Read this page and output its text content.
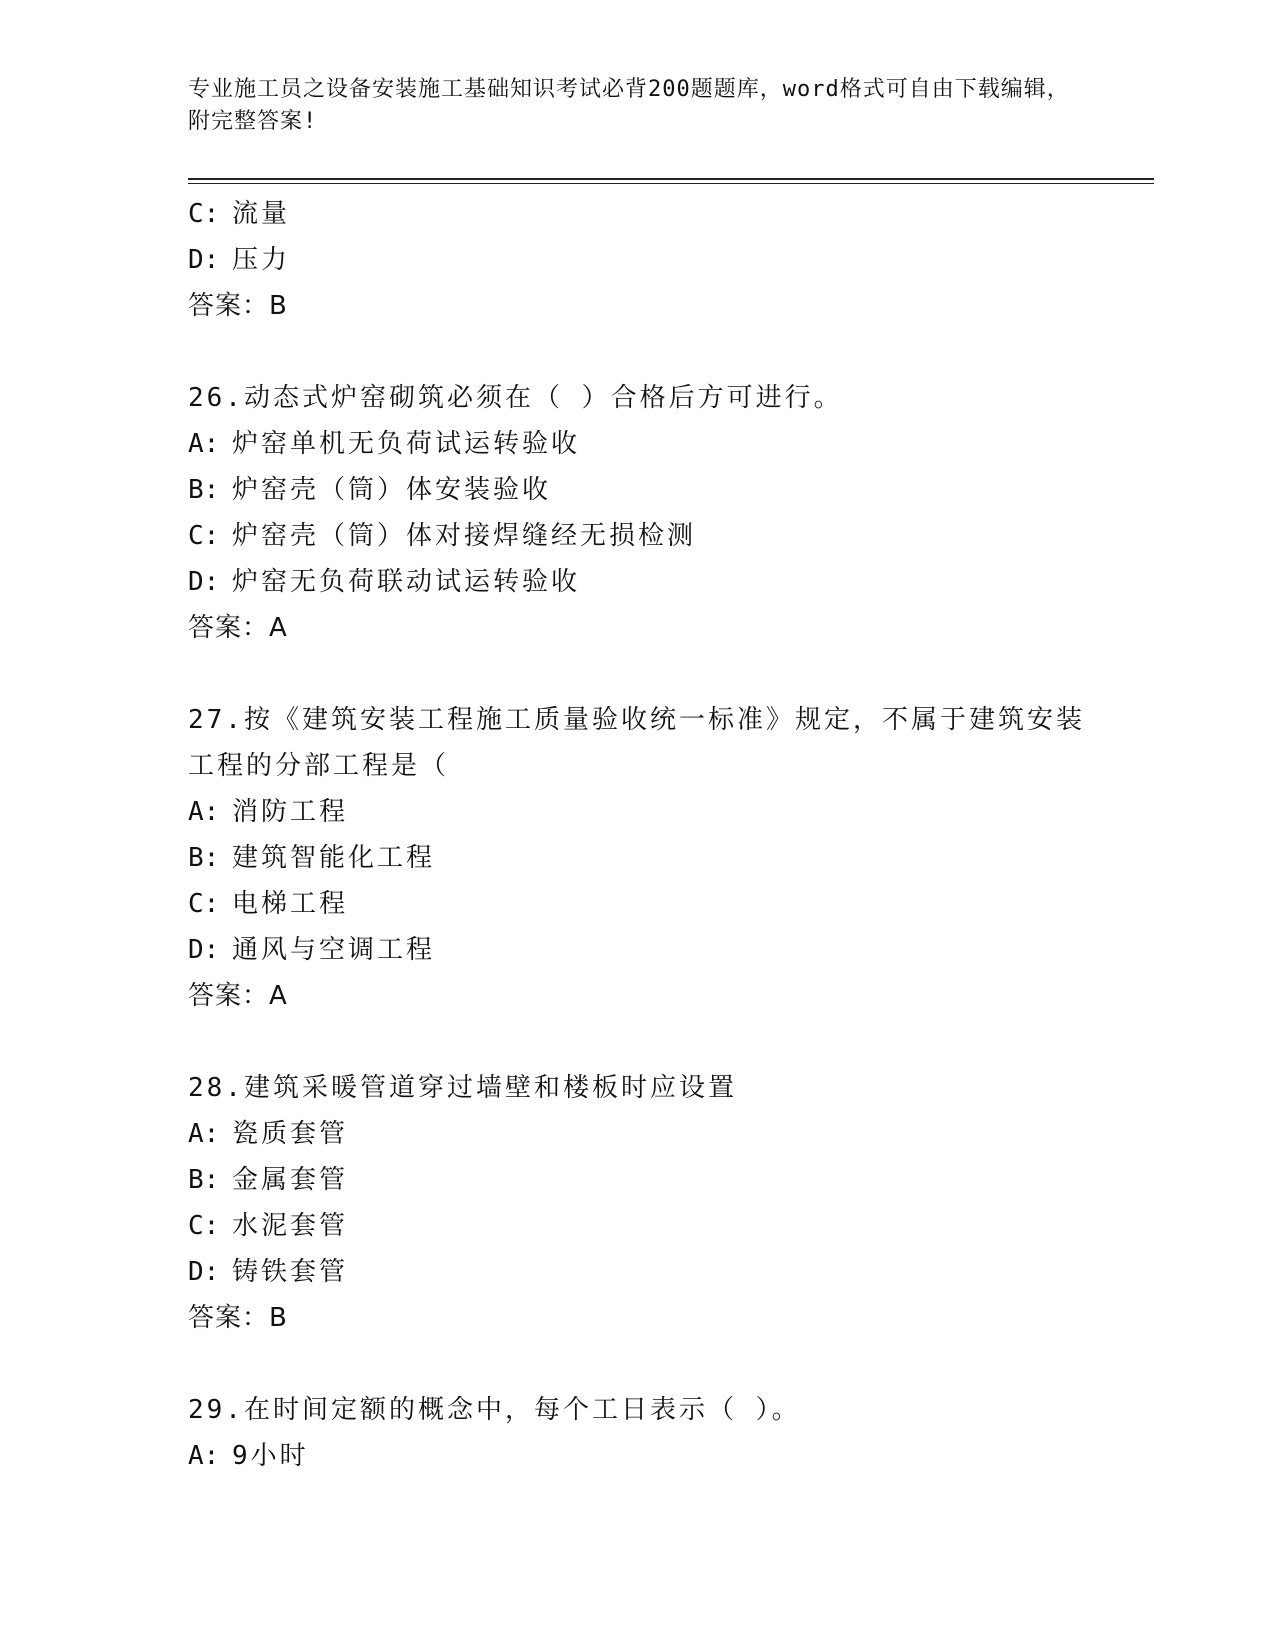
专业施工员之设备安装施工基础知识考试必背200题题库，word格式可自由下载编辑，附完整答案!
C: 流量
D: 压力
答案：B
26.动态式炉窑砌筑必须在（ ）合格后方可进行。
A: 炉窑单机无负荷试运转验收
B: 炉窑壳（筒）体安装验收
C: 炉窑壳（筒）体对接焊缝经无损检测
D: 炉窑无负荷联动试运转验收
答案：A
27.按《建筑安装工程施工质量验收统一标准》规定，不属于建筑安装工程的分部工程是（
A: 消防工程
B: 建筑智能化工程
C: 电梯工程
D: 通风与空调工程
答案：A
28.建筑采暖管道穿过墙壁和楼板时应设置
A: 瓷质套管
B: 金属套管
C: 水泥套管
D: 铸铁套管
答案：B
29.在时间定额的概念中，每个工日表示（ ）。
A: 9小时
